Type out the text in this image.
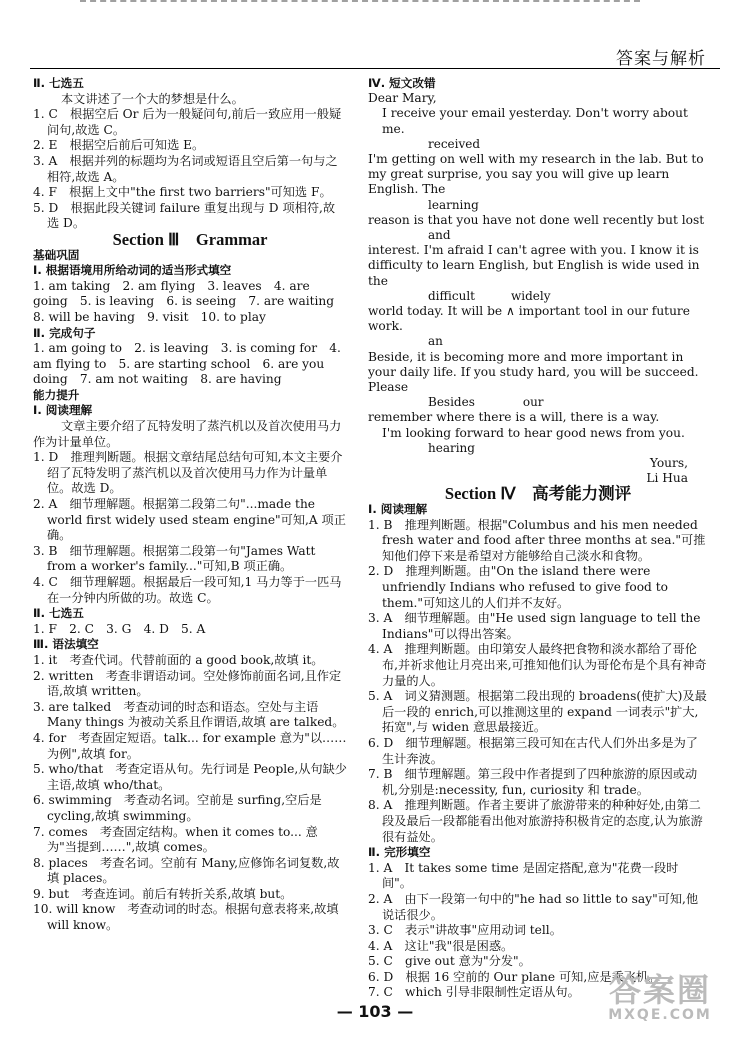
答案与解析

Ⅱ. 七选五

本文讲述了一个大的梦想是什么。

1. C　根据空后 Or 后为一般疑问句,前后一致应用一般疑问句,故选 C。

2. E　根据空后前后可知选 E。

3. A　根据并列的标题均为名词或短语且空后第一句与之相符,故选 A。

4. F　根据上文中"the first two barriers"可知选 F。

5. D　根据此段关键词 failure 重复出现与 D 项相符,故选 D。

Section Ⅲ　Grammar

基础巩固

Ⅰ. 根据语境用所给动词的适当形式填空

1. am taking　2. am flying　3. leaves　4. are going　5. is leaving　6. is seeing　7. are waiting　8. will be having　9. visit　10. to play

Ⅱ. 完成句子

1. am going to　2. is leaving　3. is coming for　4. am flying to　5. are starting school　6. are you doing　7. am not waiting　8. are having

能力提升

Ⅰ. 阅读理解

文章主要介绍了瓦特发明了蒸汽机以及首次使用马力作为计量单位。

1. D　推理判断题。根据文章结尾总结句可知,本文主要介绍了瓦特发明了蒸汽机以及首次使用马力作为计量单位。故选 D。

2. A　细节理解题。根据第二段第二句"...made the world first widely used steam engine"可知,A 项正确。

3. B　细节理解题。根据第二段第一句"James Watt from a worker's family..."可知,B 项正确。

4. C　细节理解题。根据最后一段可知,1 马力等于一匹马在一分钟内所做的功。故选 C。

Ⅱ. 七选五

1. F　2. C　3. G　4. D　5. A

Ⅲ. 语法填空

1. it　考查代词。代替前面的 a good book,故填 it。

2. written　考查非谓语动词。空处修饰前面名词,且作定语,故填 written。

3. are talked　考查动词的时态和语态。空处与主语 Many things 为被动关系且作谓语,故填 are talked。

4. for　考查固定短语。talk... for example 意为"以……为例",故填 for。

5. who/that　考查定语从句。先行词是 People,从句缺少主语,故填 who/that。

6. swimming　考查动名词。空前是 surfing,空后是 cycling,故填 swimming。

7. comes　考查固定结构。when it comes to... 意为"当提到……",故填 comes。

8. places　考查名词。空前有 Many,应修饰名词复数,故填 places。

9. but　考查连词。前后有转折关系,故填 but。

10. will know　考查动词的时态。根据句意表将来,故填 will know。

Ⅳ. 短文改错

Dear Mary,

I receive your email yesterday. Don't worry about me.

received

I'm getting on well with my research in the lab. But to my great surprise, you say you will give up learn English. The

learning

reason is that you have not done well recently but lost

and

interest. I'm afraid I can't agree with you. I know it is difficulty to learn English, but English is wide used in the

difficult　　　widely

world today. It will be ∧ important tool in our future work.

an

Beside, it is becoming more and more important in your daily life. If you study hard, you will be succeed. Please

Besides　　　　our

remember where there is a will, there is a way.

I'm looking forward to hear good news from you.

hearing

Yours,

Li Hua

Section Ⅳ　高考能力测评

Ⅰ. 阅读理解

1. B　推理判断题。根据"Columbus and his men needed fresh water and food after three months at sea."可推知他们停下来是希望对方能够给自己淡水和食物。

2. D　推理判断题。由"On the island there were unfriendly Indians who refused to give food to them."可知这儿的人们并不友好。

3. A　细节理解题。由"He used sign language to tell the Indians"可以得出答案。

4. A　推理判断题。由印第安人最终把食物和淡水都给了哥伦布,并祈求他让月亮出来,可推知他们认为哥伦布是个具有神奇力量的人。

5. A　词义猜测题。根据第二段出现的 broadens(使扩大)及最后一段的 enrich,可以推测这里的 expand 一词表示"扩大,拓宽",与 widen 意思最接近。

6. D　细节理解题。根据第三段可知在古代人们外出多是为了生计奔波。

7. B　细节理解题。第三段中作者提到了四种旅游的原因或动机,分别是:necessity, fun, curiosity 和 trade。

8. A　推理判断题。作者主要讲了旅游带来的种种好处,由第二段及最后一段都能看出他对旅游持积极肯定的态度,认为旅游很有益处。

Ⅱ. 完形填空

1. A　It takes some time 是固定搭配,意为"花费一段时间"。

2. A　由下一段第一句中的"he had so little to say"可知,他说话很少。

3. C　表示"讲故事"应用动词 tell。

4. A　这让"我"很是困惑。

5. C　give out 意为"分发"。

6. D　根据 16 空前的 Our plane 可知,应是乘飞机。

7. C　which 引导非限制性定语从句。

— 103 —
答案圈
MXQE.COM
